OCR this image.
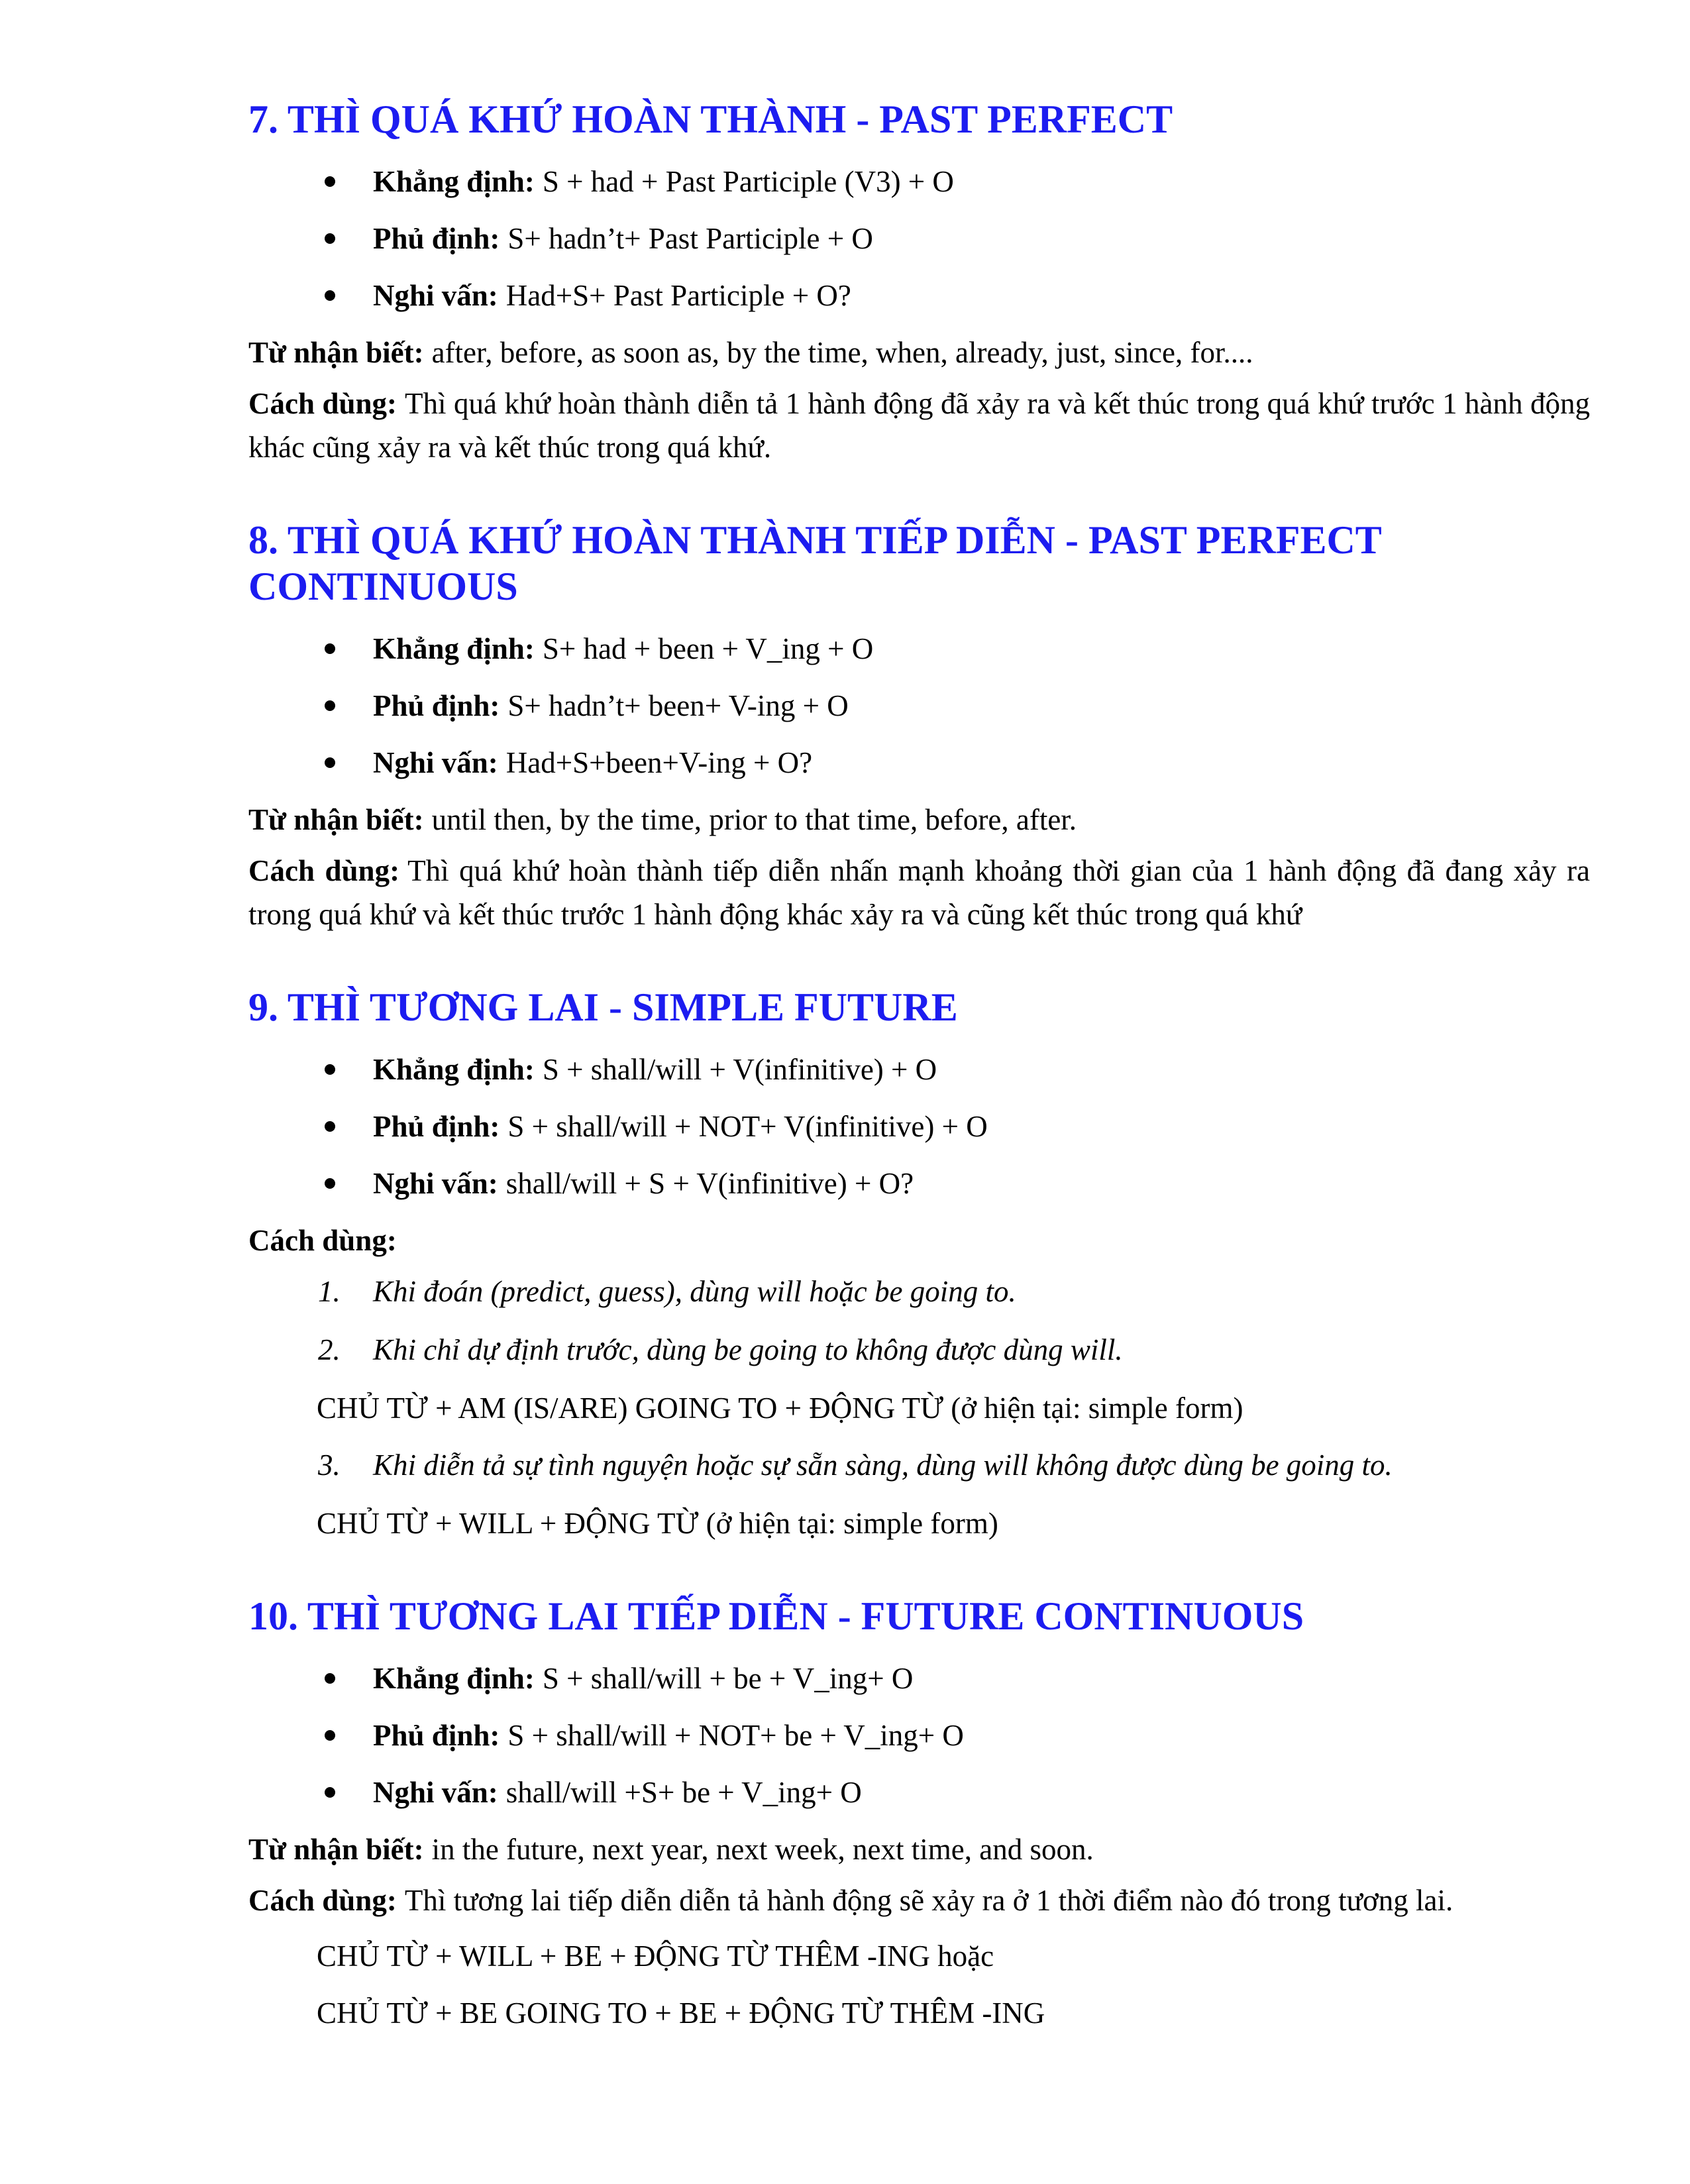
7. THÌ QUÁ KHỨ HOÀN THÀNH - PAST PERFECT
Khẳng định: S + had + Past Participle (V3) + O
Phủ định: S+ hadn’t+ Past Participle + O
Nghi vấn: Had+S+ Past Participle + O?

Từ nhận biết: after, before, as soon as, by the time, when, already, just, since, for....

Cách dùng: Thì quá khứ hoàn thành diễn tả 1 hành động đã xảy ra và kết thúc trong quá khứ trước 1 hành động khác cũng xảy ra và kết thúc trong quá khứ.

8. THÌ QUÁ KHỨ HOÀN THÀNH TIẾP DIỄN - PAST PERFECT CONTINUOUS
Khẳng định: S+ had + been + V_ing + O
Phủ định: S+ hadn’t+ been+ V-ing + O
Nghi vấn: Had+S+been+V-ing + O?

Từ nhận biết: until then, by the time, prior to that time, before, after.

Cách dùng: Thì quá khứ hoàn thành tiếp diễn nhấn mạnh khoảng thời gian của 1 hành động đã đang xảy ra trong quá khứ và kết thúc trước 1 hành động khác xảy ra và cũng kết thúc trong quá khứ

9. THÌ TƯƠNG LAI - SIMPLE FUTURE
Khẳng định: S + shall/will + V(infinitive) + O
Phủ định: S + shall/will + NOT+ V(infinitive) + O
Nghi vấn: shall/will + S + V(infinitive) + O?

Cách dùng:

1. Khi đoán (predict, guess), dùng will hoặc be going to.
2. Khi chỉ dự định trước, dùng be going to không được dùng will.

CHỦ TỪ + AM (IS/ARE) GOING TO + ĐỘNG TỪ (ở hiện tại: simple form)

3. Khi diễn tả sự tình nguyện hoặc sự sẵn sàng, dùng will không được dùng be going to.

CHỦ TỪ + WILL + ĐỘNG TỪ (ở hiện tại: simple form)

10. THÌ TƯƠNG LAI TIẾP DIỄN - FUTURE CONTINUOUS
Khẳng định: S + shall/will + be + V_ing+ O
Phủ định: S + shall/will + NOT+ be + V_ing+ O
Nghi vấn: shall/will +S+ be + V_ing+ O

Từ nhận biết: in the future, next year, next week, next time, and soon.

Cách dùng: Thì tương lai tiếp diễn diễn tả hành động sẽ xảy ra ở 1 thời điểm nào đó trong tương lai.

CHỦ TỪ + WILL + BE + ĐỘNG TỪ THÊM -ING hoặc

CHỦ TỪ + BE GOING TO + BE + ĐỘNG TỪ THÊM -ING
